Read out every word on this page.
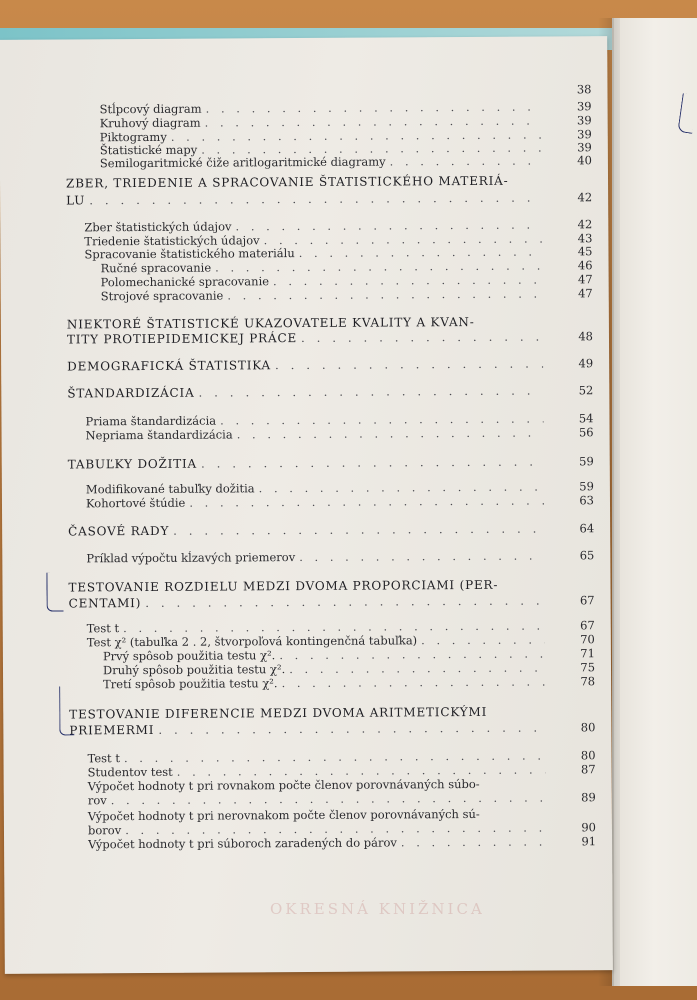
38
Stĺpcový diagram . . .	39
Kruhový diagram . . .	39
Piktogramy . . .	39
Štatistické mapy . . .	39
Semilogaritmické čiže aritlogaritmické diagramy . . .	40
ZBER, TRIEDENIE A SPRACOVANIE ŠTATISTICKÉHO MATERIÁ-
LU . . .	42
Zber štatistických údajov . . .	42
Triedenie štatistických údajov . . .	43
Spracovanie štatistického materiálu . . .	45
Ručné spracovanie . . .	46
Polomechanické spracovanie . . .	47
Strojové spracovanie . . .	47
NIEKTORÉ ŠTATISTICKÉ UKAZOVATELE KVALITY A KVAN-
TITY PROTIEPIDEMICKEJ PRÁCE . . .	48
DEMOGRAFICKÁ ŠTATISTIKA . . .	49
ŠTANDARDIZÁCIA . . .	52
Priama štandardizácia . . .	54
Nepriama štandardizácia . . .	56
TABUĽKY DOŽITIA . . .	59
Modifikované tabuľky dožitia . . .	59
Kohortové štúdie . . .	63
ČASOVÉ RADY . . .	64
Príklad výpočtu kĺzavých priemerov . . .	65
TESTOVANIE ROZDIELU MEDZI DVOMA PROPORCIAMI (PER-
CENTAMI) . . .	67
Test t . . .	67
Test χ² (tabuľka 2 . 2, štvorpoľová kontingenčná tabuľka) . . .	70
Prvý spôsob použitia testu χ². . . .	71
Druhý spôsob použitia testu χ². . . .	75
Tretí spôsob použitia testu χ². . . .	78
TESTOVANIE DIFERENCIE MEDZI DVOMA ARITMETICKÝMI
PRIEMERMI . . .	80
Test t . . .	80
Studentov test . . .	87
Výpočet hodnoty t pri rovnakom počte členov porovnávaných súbo-
rov . . .	89
Výpočet hodnoty t pri nerovnakom počte členov porovnávaných sú-
borov . . .	90
Výpočet hodnoty t pri súboroch zaradených do párov . . .	91
OKRESNÁ KNIŽNICA
